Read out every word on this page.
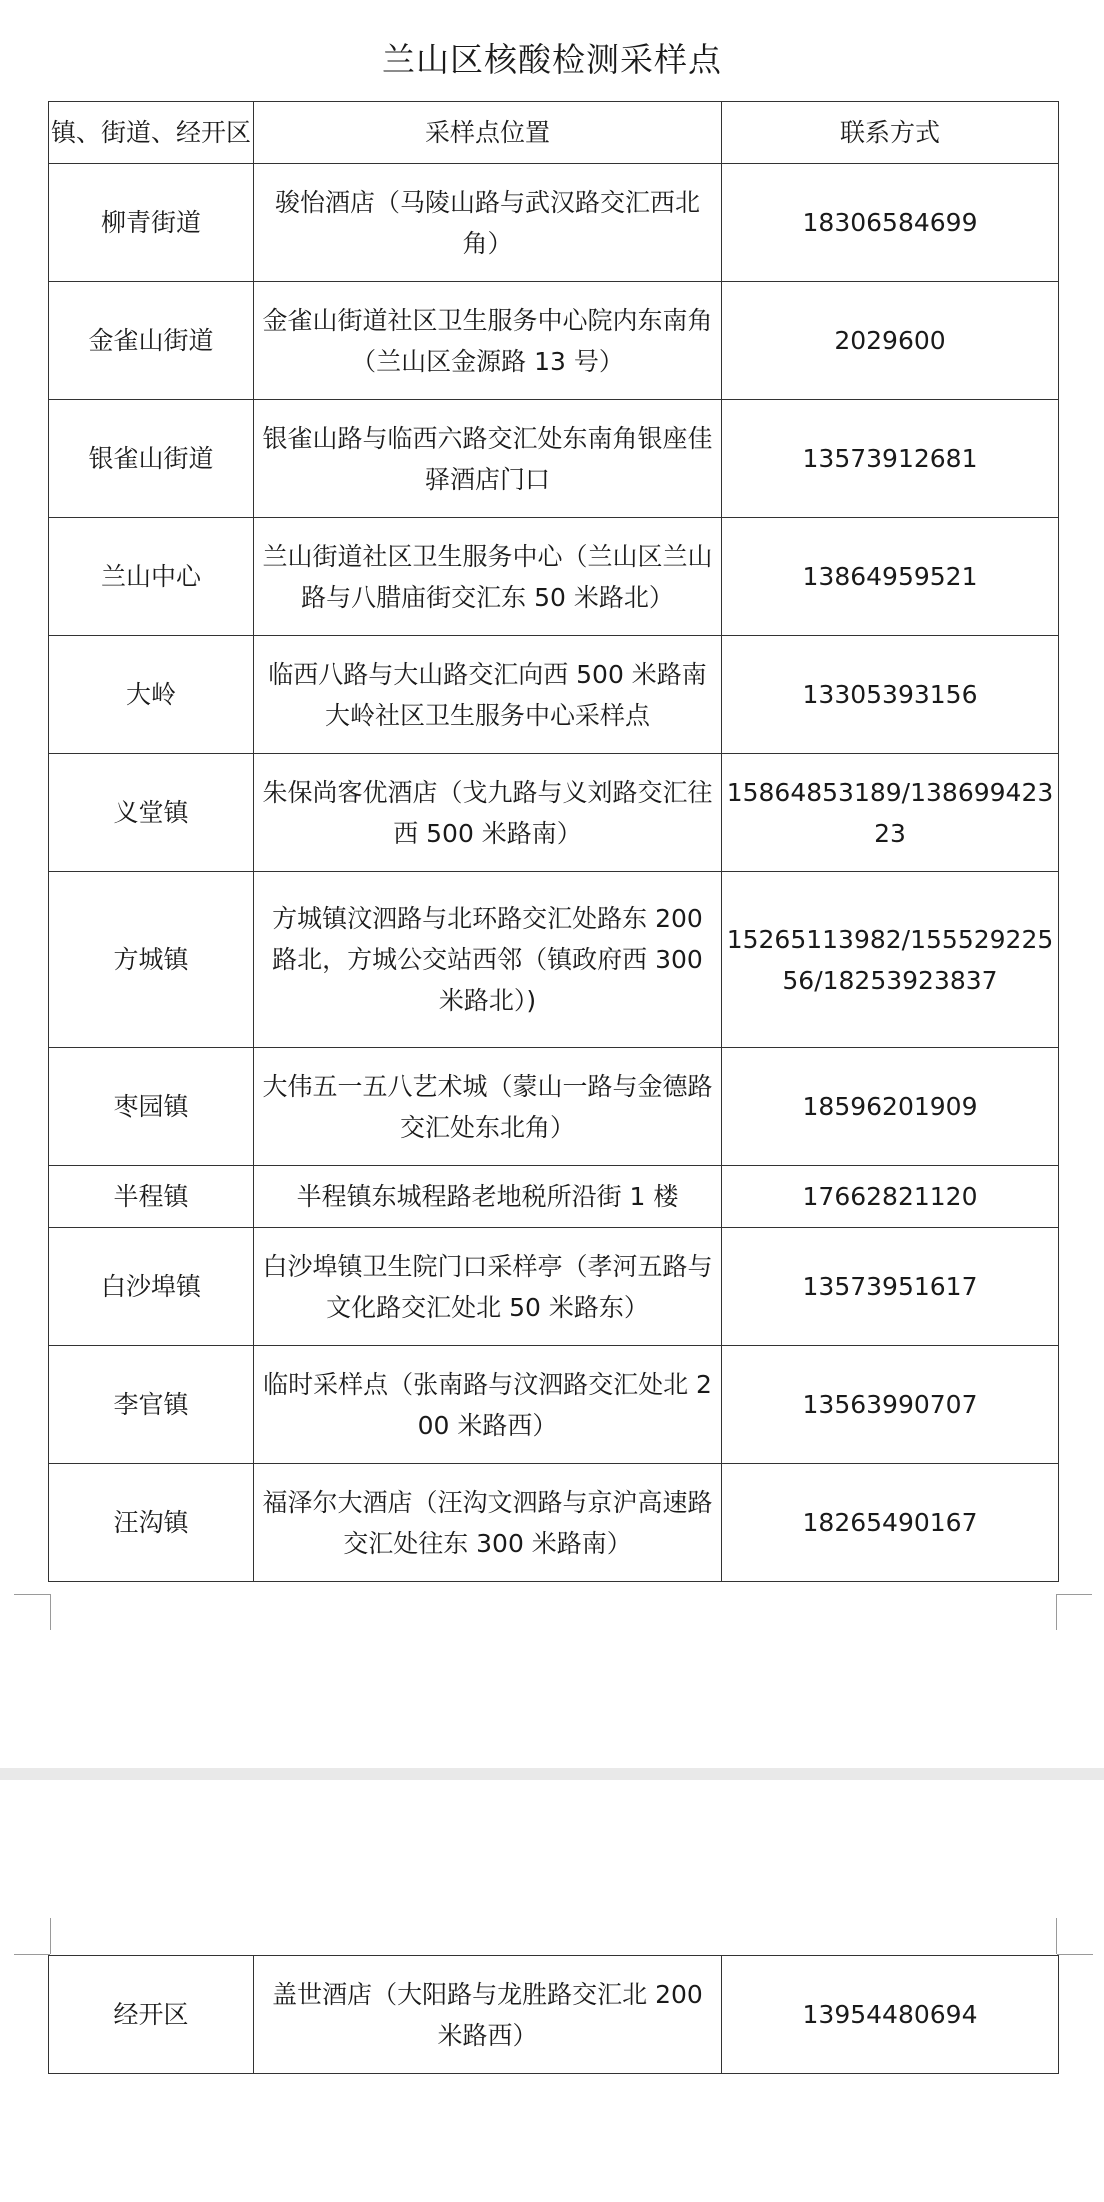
兰山区核酸检测采样点
镇、街道、经开区	采样点位置	联系方式
柳青街道	骏怡酒店（马陵山路与武汉路交汇西北角）	18306584699
金雀山街道	金雀山街道社区卫生服务中心院内东南角（兰山区金源路 13 号）	2029600
银雀山街道	银雀山路与临西六路交汇处东南角银座佳驿酒店门口	13573912681
兰山中心	兰山街道社区卫生服务中心（兰山区兰山路与八腊庙街交汇东 50 米路北）	13864959521
大岭	临西八路与大山路交汇向西 500 米路南大岭社区卫生服务中心采样点	13305393156
义堂镇	朱保尚客优酒店（戈九路与义刘路交汇往西 500 米路南）	15864853189/13869942323
方城镇	方城镇汶泗路与北环路交汇处路东 200 路北，方城公交站西邻（镇政府西 300 米路北）)	15265113982/15552922556/18253923837
枣园镇	大伟五一五八艺术城（蒙山一路与金德路交汇处东北角）	18596201909
半程镇	半程镇东城程路老地税所沿街 1 楼	17662821120
白沙埠镇	白沙埠镇卫生院门口采样亭（孝河五路与文化路交汇处北 50 米路东）	13573951617
李官镇	临时采样点（张南路与汶泗路交汇处北 200 米路西）	13563990707
汪沟镇	福泽尔大酒店（汪沟文泗路与京沪高速路交汇处往东 300 米路南）	18265490167
经开区	盖世酒店（大阳路与龙胜路交汇北 200 米路西）	13954480694
